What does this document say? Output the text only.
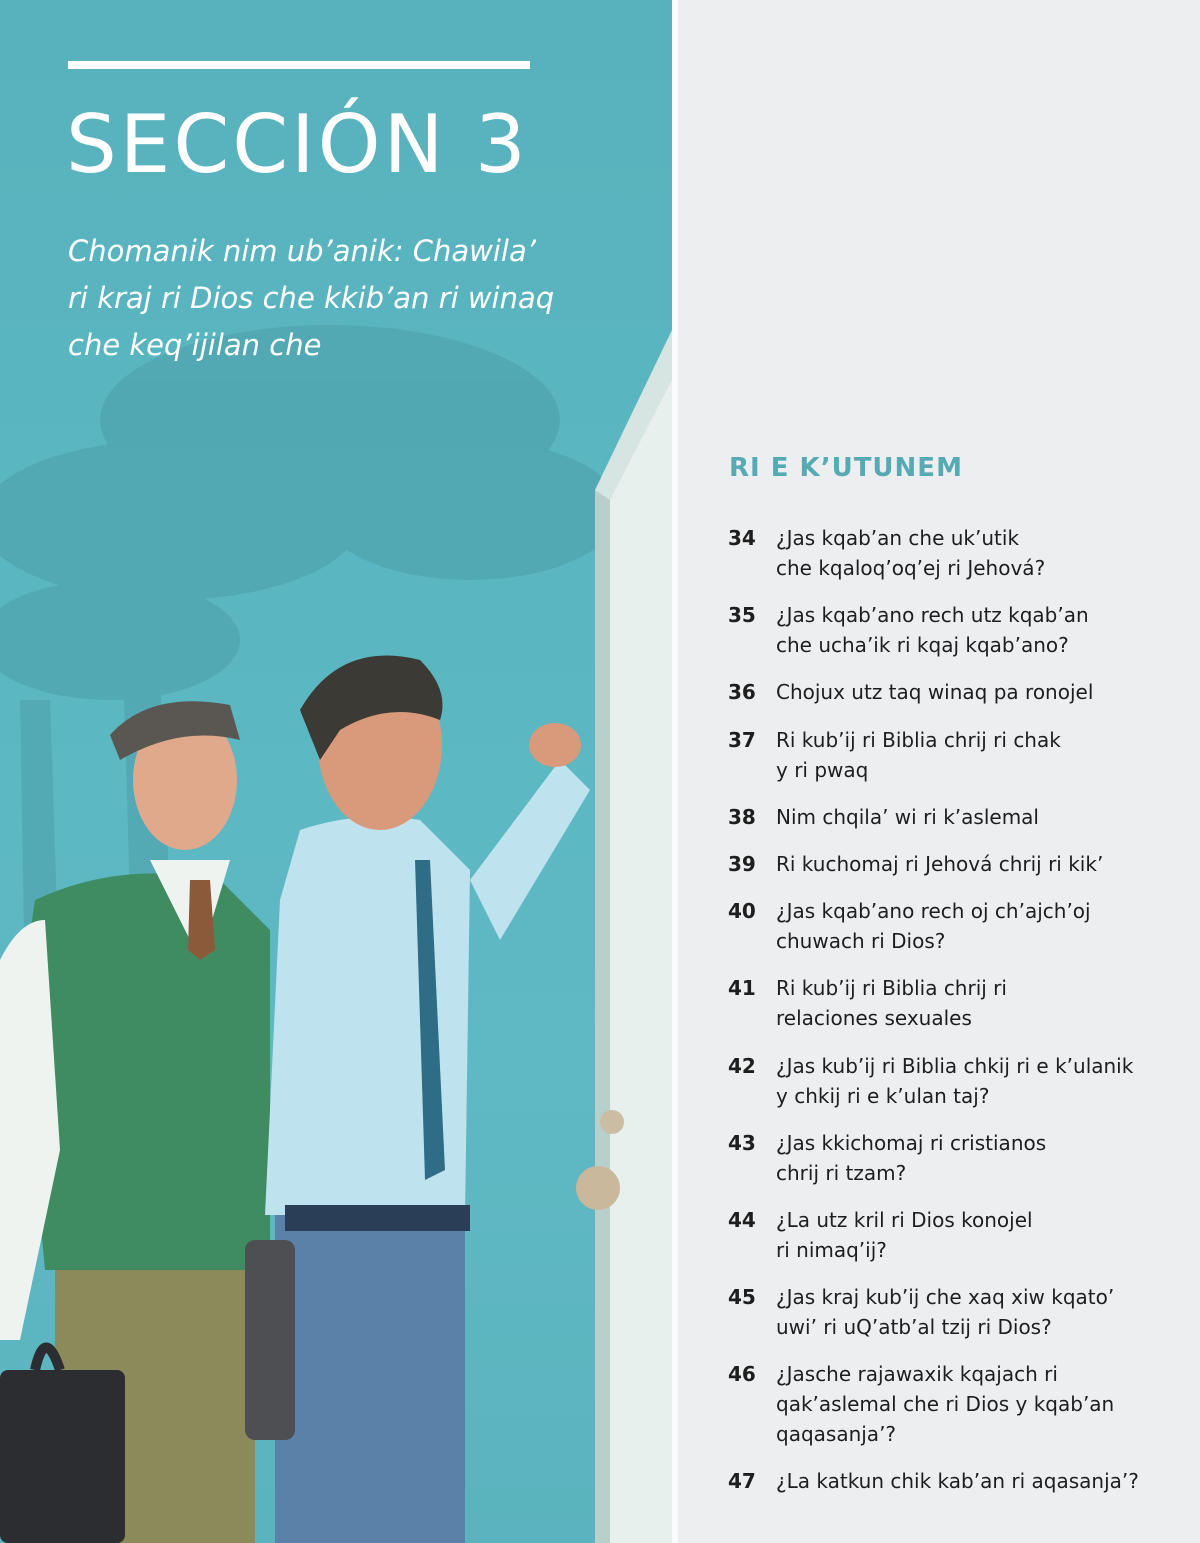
SECCIÓN 3

Chomanik nim ub’anik: Chawila’
ri kraj ri Dios che kkib’an ri winaq
che keq’ijilan che

RI E K’UTUNEM
34	¿Jas kqab’an che uk’utik
che kqaloq’oq’ej ri Jehová?
35	¿Jas kqab’ano rech utz kqab’an
che ucha’ik ri kqaj kqab’ano?
36	Chojux utz taq winaq pa ronojel
37	Ri kub’ij ri Biblia chrij ri chak
y ri pwaq
38	Nim chqila’ wi ri k’aslemal
39	Ri kuchomaj ri Jehová chrij ri kik’
40	¿Jas kqab’ano rech oj ch’ajch’oj
chuwach ri Dios?
41	Ri kub’ij ri Biblia chrij ri
relaciones sexuales
42	¿Jas kub’ij ri Biblia chkij ri e k’ulanik
y chkij ri e k’ulan taj?
43	¿Jas kkichomaj ri cristianos
chrij ri tzam?
44	¿La utz kril ri Dios konojel
ri nimaq’ij?
45	¿Jas kraj kub’ij che xaq xiw kqato’
uwi’ ri uQ’atb’al tzij ri Dios?
46	¿Jasche rajawaxik kqajach ri
qak’aslemal che ri Dios y kqab’an
qaqasanja’?
47	¿La katkun chik kab’an ri aqasanja’?
